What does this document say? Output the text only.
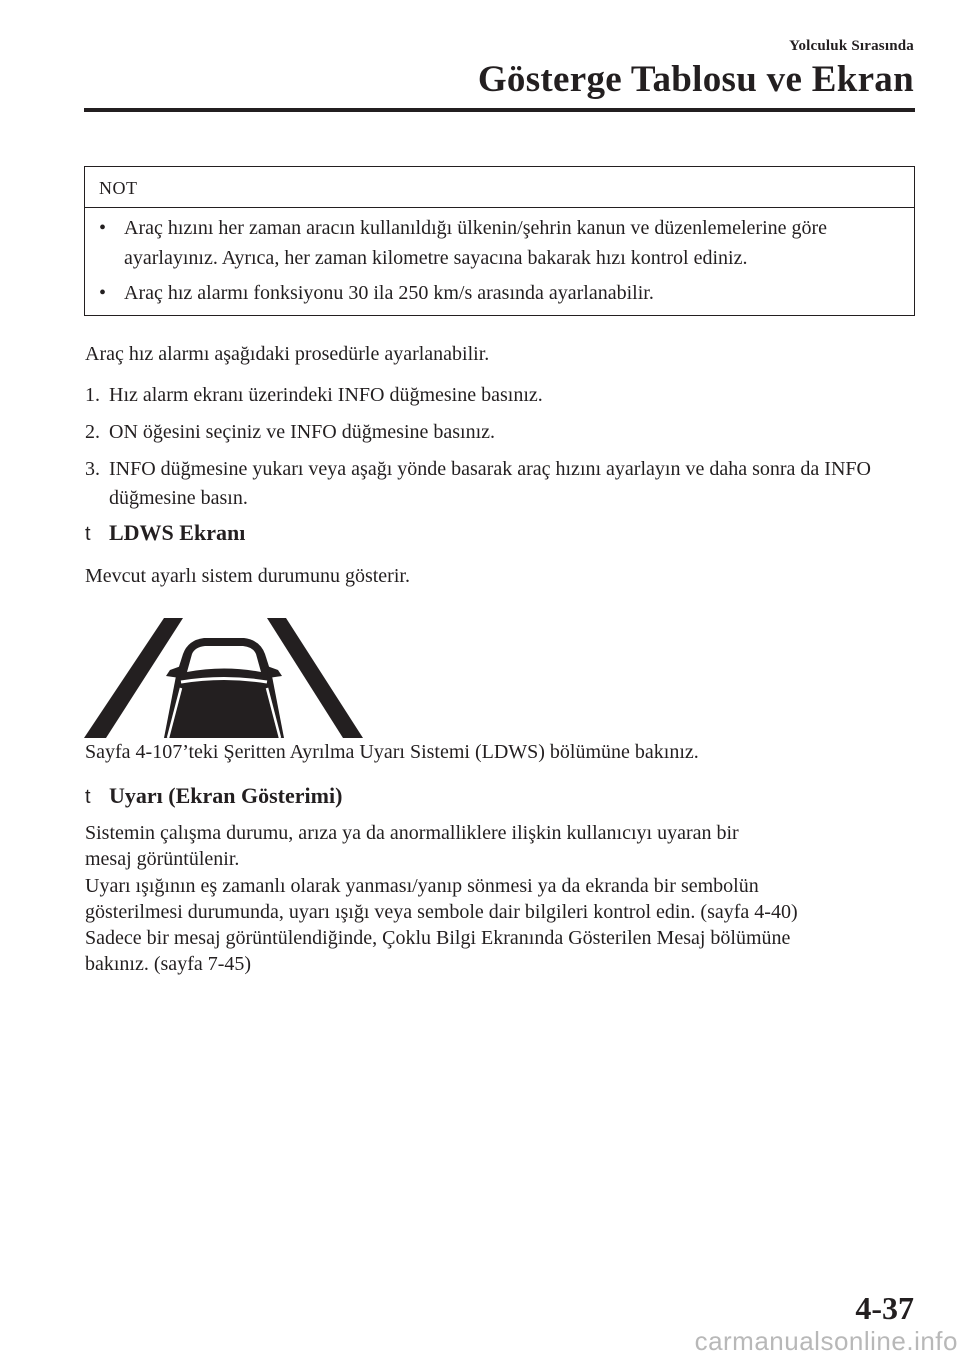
Yolculuk Sırasında
Gösterge Tablosu ve Ekran
NOT
• Araç hızını her zaman aracın kullanıldığı ülkenin/şehrin kanun ve düzenlemelerine göre ayarlayınız. Ayrıca, her zaman kilometre sayacına bakarak hızı kontrol ediniz.
• Araç hız alarmı fonksiyonu 30 ila 250 km/s arasında ayarlanabilir.
Araç hız alarmı aşağıdaki prosedürle ayarlanabilir.
1. Hız alarm ekranı üzerindeki INFO düğmesine basınız.
2. ON öğesini seçiniz ve INFO düğmesine basınız.
3. INFO düğmesine yukarı veya aşağı yönde basarak araç hızını ayarlayın ve daha sonra da INFO düğmesine basın.
t LDWS Ekranı
Mevcut ayarlı sistem durumunu gösterir.
Sayfa 4-107’teki Şeritten Ayrılma Uyarı Sistemi (LDWS) bölümüne bakınız.
t Uyarı (Ekran Gösterimi)
Sistemin çalışma durumu, arıza ya da anormalliklere ilişkin kullanıcıyı uyaran bir
mesaj görüntülenir.
Uyarı ışığının eş zamanlı olarak yanması/yanıp sönmesi ya da ekranda bir sembolün
gösterilmesi durumunda, uyarı ışığı veya sembole dair bilgileri kontrol edin. (sayfa 4-40)
Sadece bir mesaj görüntülendiğinde, Çoklu Bilgi Ekranında Gösterilen Mesaj bölümüne
bakınız. (sayfa 7-45)
4-37
carmanualsonline.info
